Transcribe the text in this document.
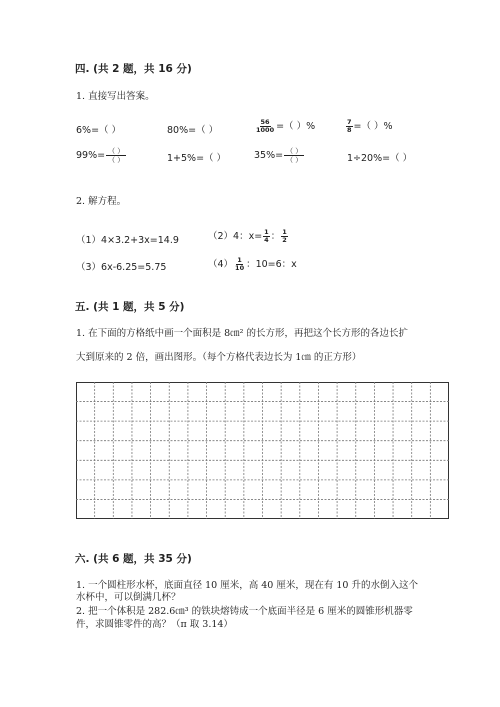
四. (共 2 题，共 16 分)
1. 直接写出答案。
6%=（ ）	80%=（ ）	$\frac{56}{1000}$ =（ ）%	$\frac{7}{8}$ =（ ）%
$99\%= \frac{( )}{( )}$	1+5%=（ ）	$35\%= \frac{( )}{( )}$	1÷20%=（ ）
2. 解方程。
（1）4×3.2+3x=14.9	（2）4：$x= \frac{1}{4}$ ： $\frac{1}{2}$
（3）6x-6.25=5.75	$(4) \frac{1}{10}$ ：10=6：x
五. (共 1 题，共 5 分)
1. 在下面的方格纸中画一个面积是 8㎝² 的长方形，再把这个长方形的各边长扩
大到原来的 2 倍，画出图形。（每个方格代表边长为 1㎝ 的正方形）
六. (共 6 题，共 35 分)
1. 一个圆柱形水杯，底面直径 10 厘米，高 40 厘米，现在有 10 升的水倒入这个
水杯中，可以倒满几杯？
2. 把一个体积是 282.6㎝³ 的铁块熔铸成一个底面半径是 6 厘米的圆锥形机器零
件，求圆锥零件的高？（π 取 3.14）
